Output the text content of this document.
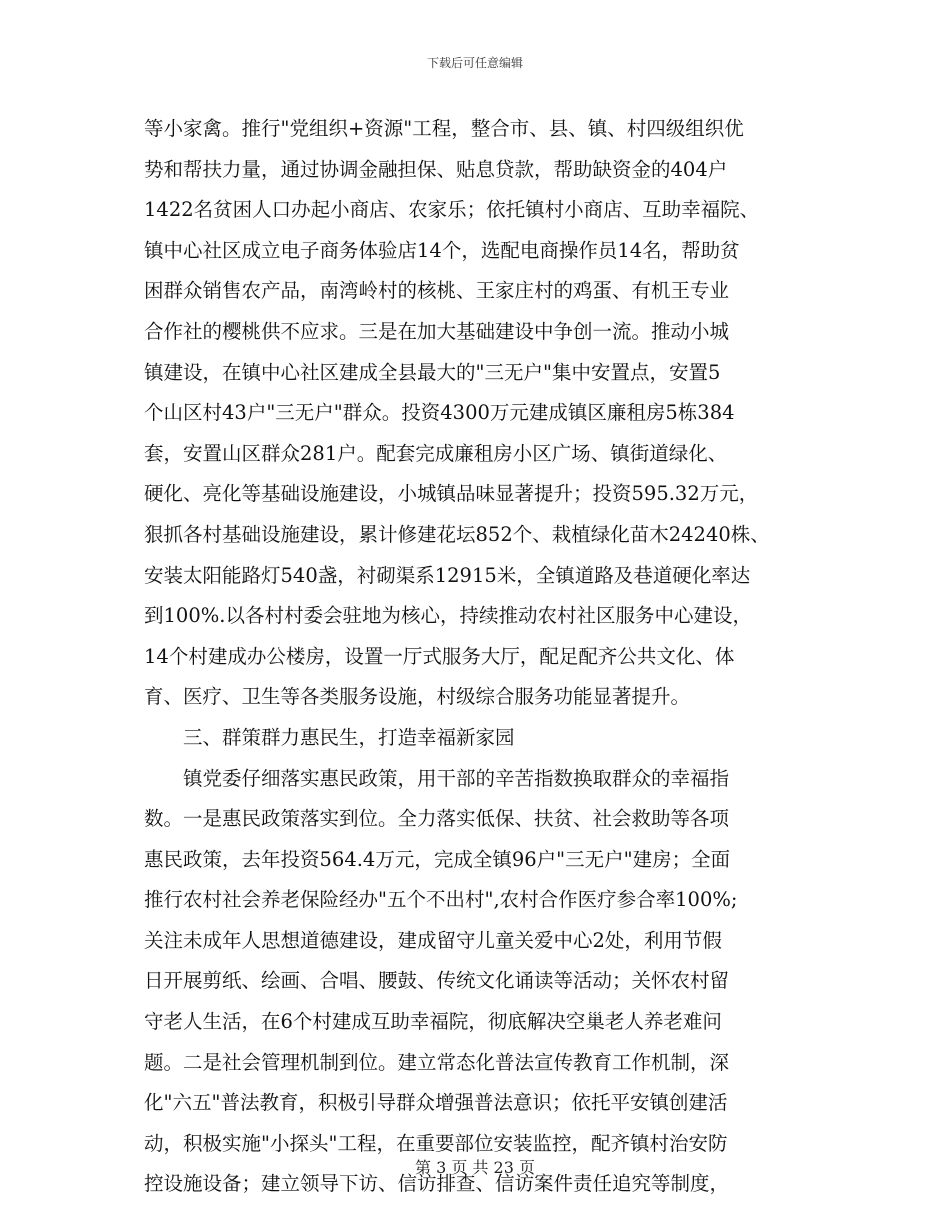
下载后可任意编辑
等小家禽。推行"党组织+资源"工程，整合市、县、镇、村四级组织优
势和帮扶力量，通过协调金融担保、贴息贷款，帮助缺资金的404户
1422名贫困人口办起小商店、农家乐；依托镇村小商店、互助幸福院、
镇中心社区成立电子商务体验店14个，选配电商操作员14名，帮助贫
困群众销售农产品，南湾岭村的核桃、王家庄村的鸡蛋、有机王专业
合作社的樱桃供不应求。三是在加大基础建设中争创一流。推动小城
镇建设，在镇中心社区建成全县最大的"三无户"集中安置点，安置5
个山区村43户"三无户"群众。投资4300万元建成镇区廉租房5栋384
套，安置山区群众281户。配套完成廉租房小区广场、镇街道绿化、
硬化、亮化等基础设施建设，小城镇品味显著提升；投资595.32万元，
狠抓各村基础设施建设，累计修建花坛852个、栽植绿化苗木24240株、
安装太阳能路灯540盏，衬砌渠系12915米，全镇道路及巷道硬化率达
到100%.以各村村委会驻地为核心，持续推动农村社区服务中心建设，
14个村建成办公楼房，设置一厅式服务大厅，配足配齐公共文化、体
育、医疗、卫生等各类服务设施，村级综合服务功能显著提升。
三、群策群力惠民生，打造幸福新家园
镇党委仔细落实惠民政策，用干部的辛苦指数换取群众的幸福指
数。一是惠民政策落实到位。全力落实低保、扶贫、社会救助等各项
惠民政策，去年投资564.4万元，完成全镇96户"三无户"建房；全面
推行农村社会养老保险经办"五个不出村",农村合作医疗参合率100%;
关注未成年人思想道德建设，建成留守儿童关爱中心2处，利用节假
日开展剪纸、绘画、合唱、腰鼓、传统文化诵读等活动；关怀农村留
守老人生活，在6个村建成互助幸福院，彻底解决空巢老人养老难问
题。二是社会管理机制到位。建立常态化普法宣传教育工作机制，深
化"六五"普法教育，积极引导群众增强普法意识；依托平安镇创建活
动，积极实施"小探头"工程，在重要部位安装监控，配齐镇村治安防
控设施设备；建立领导下访、信访排查、信访案件责任追究等制度，
第 3 页 共 23 页
